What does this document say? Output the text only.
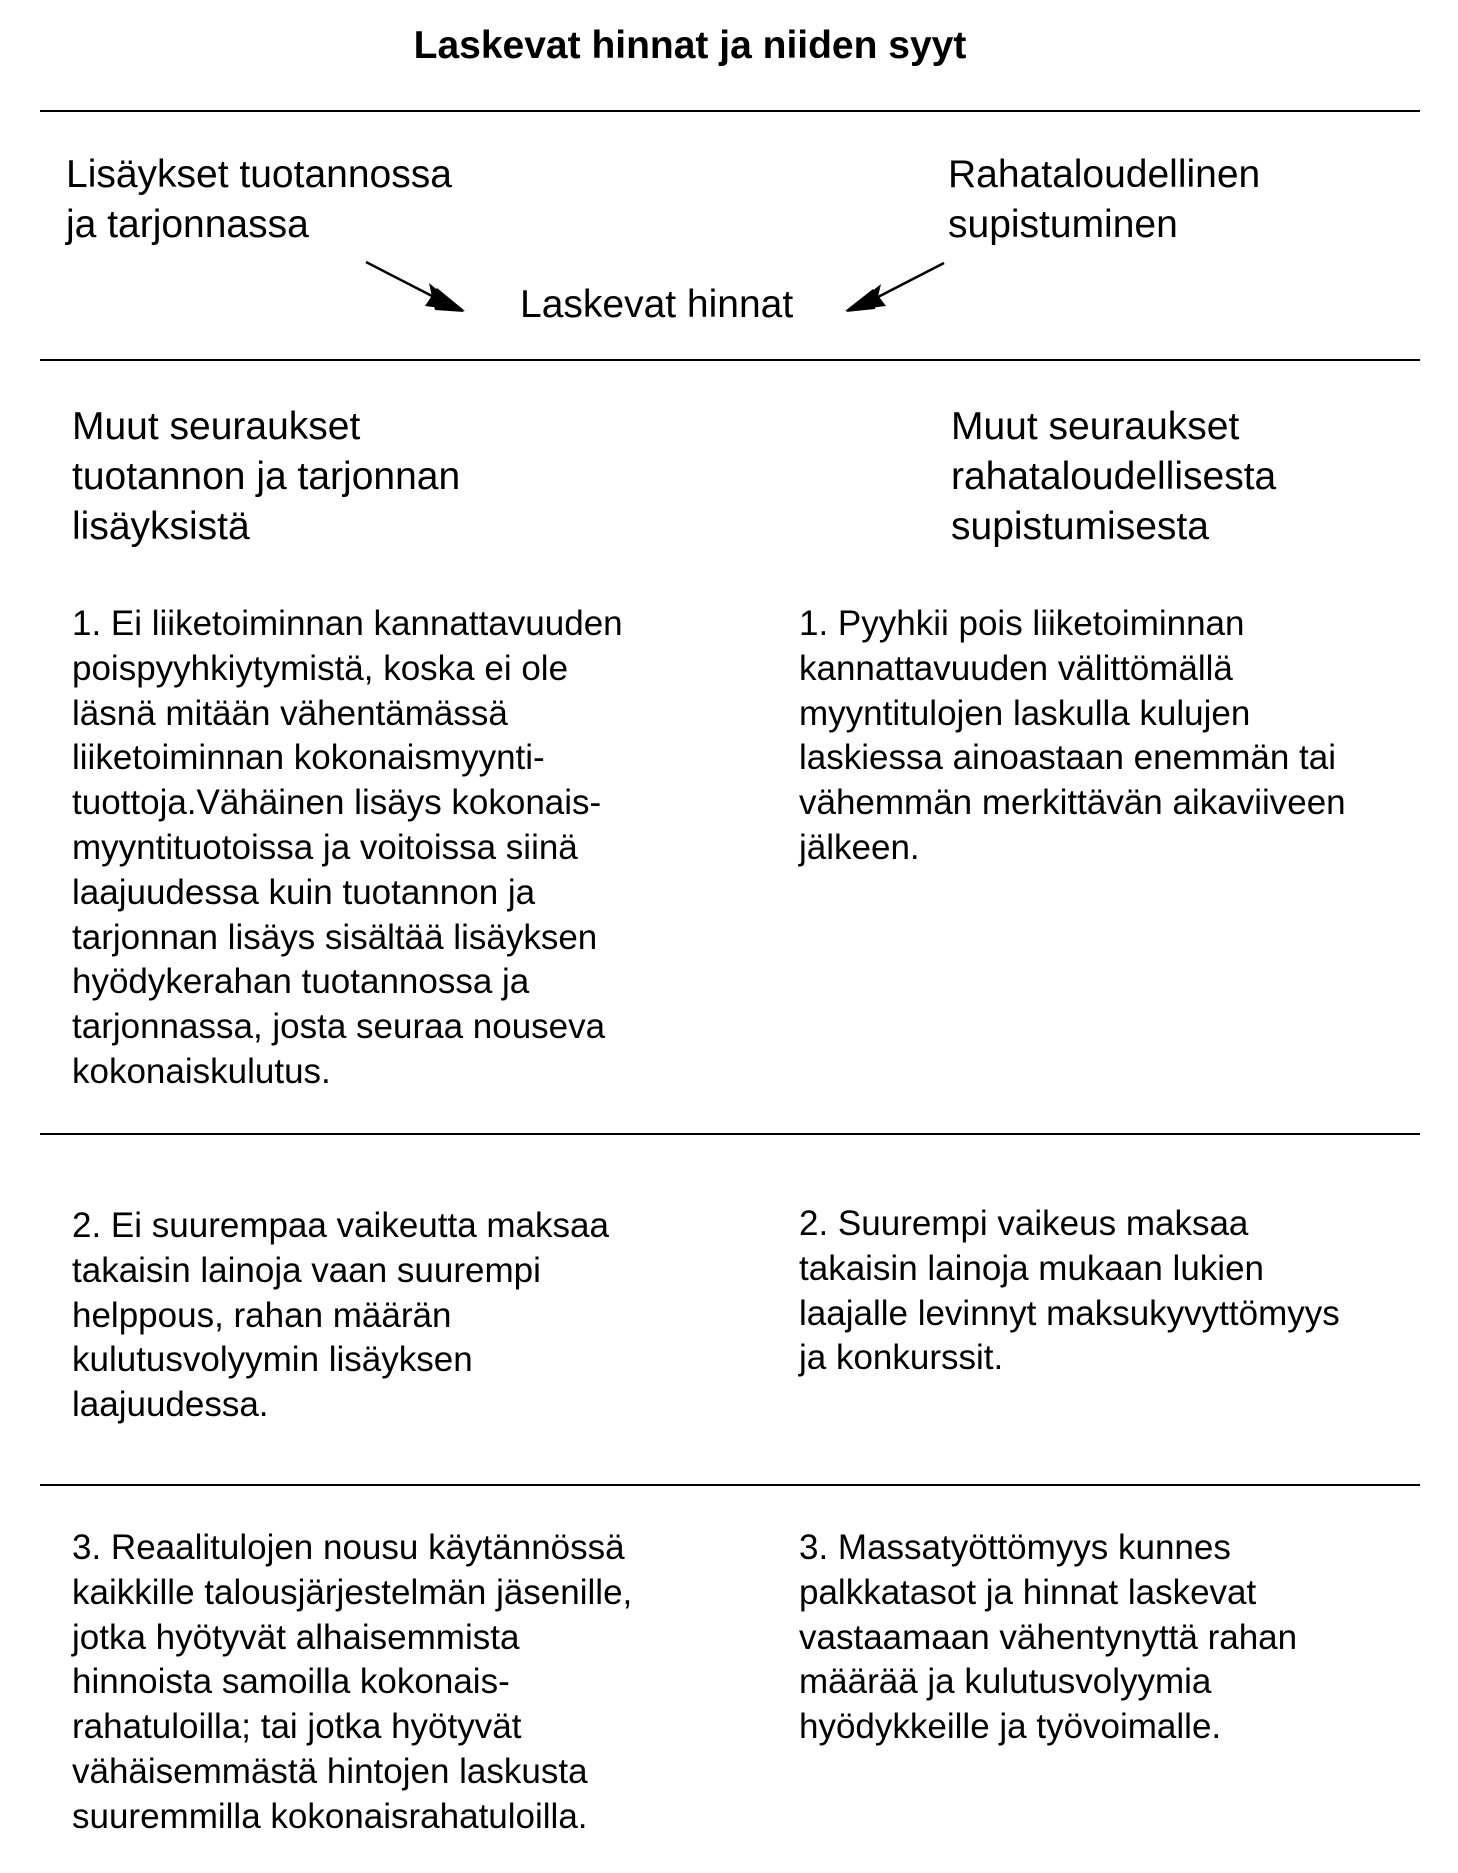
Laskevat hinnat ja niiden syyt
Lisäykset tuotannossa
ja tarjonnassa
Rahataloudellinen
supistuminen
Laskevat hinnat
Muut seuraukset
tuotannon ja tarjonnan
lisäyksistä
Muut seuraukset
rahataloudellisesta
supistumisesta
1. Ei liiketoiminnan kannattavuuden
poispyyhkiytymistä, koska ei ole
läsnä mitään vähentämässä
liiketoiminnan kokonaismyynti-
tuottoja.Vähäinen lisäys kokonais-
myyntituotoissa ja voitoissa siinä
laajuudessa kuin tuotannon ja
tarjonnan lisäys sisältää lisäyksen
hyödykerahan tuotannossa ja
tarjonnassa, josta seuraa nouseva
kokonaiskulutus.
1. Pyyhkii pois liiketoiminnan
kannattavuuden välittömällä
myyntitulojen laskulla kulujen
laskiessa ainoastaan enemmän tai
vähemmän merkittävän aikaviiveen
jälkeen.
2. Ei suurempaa vaikeutta maksaa
takaisin lainoja vaan suurempi
helppous, rahan määrän
kulutusvolyymin lisäyksen
laajuudessa.
2. Suurempi vaikeus maksaa
takaisin lainoja mukaan lukien
laajalle levinnyt maksukyvyttömyys
ja konkurssit.
3. Reaalitulojen nousu käytännössä
kaikkille talousjärjestelmän jäsenille,
jotka hyötyvät alhaisemmista
hinnoista samoilla kokonais-
rahatuloilla; tai jotka hyötyvät
vähäisemmästä hintojen laskusta
suuremmilla kokonaisrahatuloilla.
3. Massatyöttömyys kunnes
palkkatasot ja hinnat laskevat
vastaamaan vähentynyttä rahan
määrää ja kulutusvolyymia
hyödykkeille ja työvoimalle.
